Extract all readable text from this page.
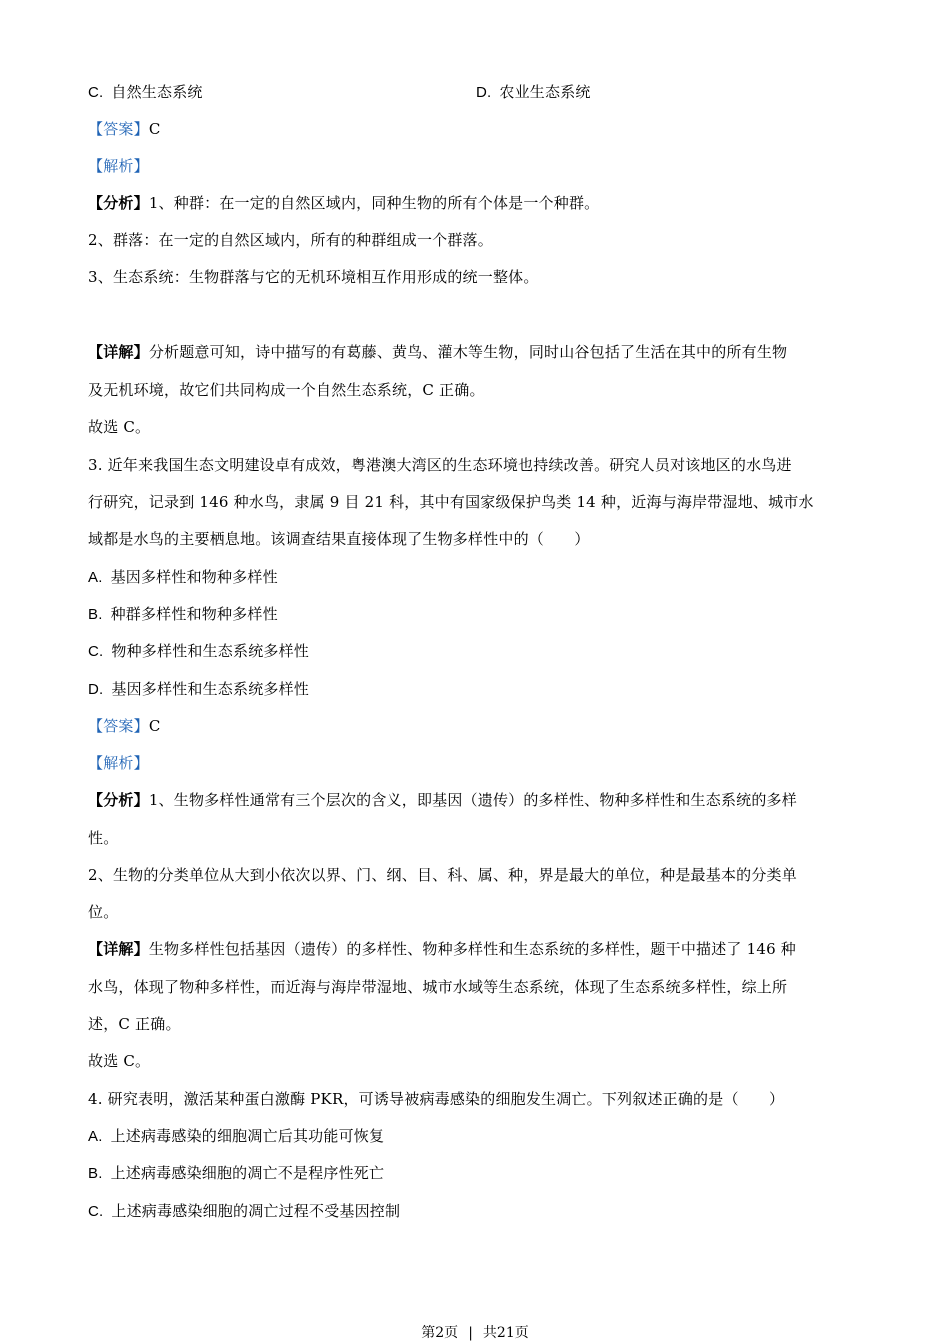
C. 自然生态系统	D. 农业生态系统
【答案】C
【解析】
【分析】1、种群：在一定的自然区域内，同种生物的所有个体是一个种群。
2、群落：在一定的自然区域内，所有的种群组成一个群落。
3、生态系统：生物群落与它的无机环境相互作用形成的统一整体。
【详解】分析题意可知，诗中描写的有葛藤、黄鸟、灌木等生物，同时山谷包括了生活在其中的所有生物
及无机环境，故它们共同构成一个自然生态系统，C 正确。
故选 C。
3. 近年来我国生态文明建设卓有成效，粤港澳大湾区的生态环境也持续改善。研究人员对该地区的水鸟进
行研究，记录到 146 种水鸟，隶属 9 目 21 科，其中有国家级保护鸟类 14 种，近海与海岸带湿地、城市水
域都是水鸟的主要栖息地。该调查结果直接体现了生物多样性中的（　　）
A. 基因多样性和物种多样性
B. 种群多样性和物种多样性
C. 物种多样性和生态系统多样性
D. 基因多样性和生态系统多样性
【答案】C
【解析】
【分析】1、生物多样性通常有三个层次的含义，即基因（遗传）的多样性、物种多样性和生态系统的多样
性。
2、生物的分类单位从大到小依次以界、门、纲、目、科、属、种，界是最大的单位，种是最基本的分类单
位。
【详解】生物多样性包括基因（遗传）的多样性、物种多样性和生态系统的多样性，题干中描述了 146 种
水鸟，体现了物种多样性，而近海与海岸带湿地、城市水域等生态系统，体现了生态系统多样性，综上所
述，C 正确。
故选 C。
4. 研究表明，激活某种蛋白激酶 PKR，可诱导被病毒感染的细胞发生凋亡。下列叙述正确的是（　　）
A. 上述病毒感染的细胞凋亡后其功能可恢复
B. 上述病毒感染细胞的凋亡不是程序性死亡
C. 上述病毒感染细胞的凋亡过程不受基因控制
第2页 | 共21页
